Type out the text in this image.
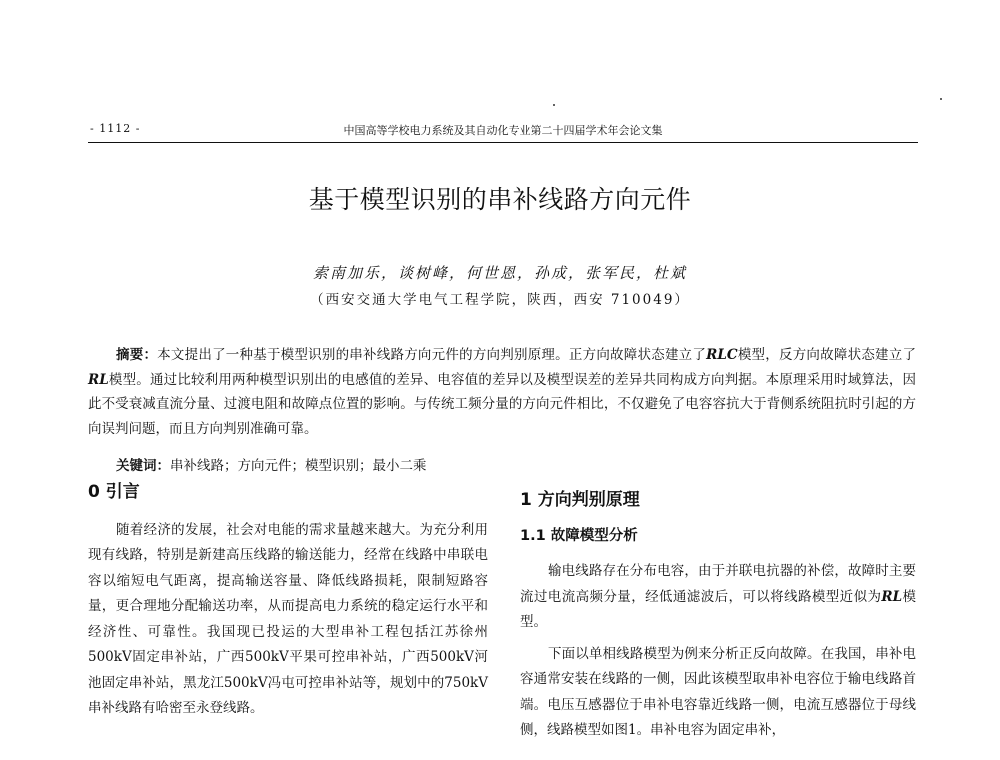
- 1112 -	中国高等学校电力系统及其自动化专业第二十四届学术年会论文集
基于模型识别的串补线路方向元件
索南加乐，谈树峰，何世恩，孙成，张军民，杜斌
（西安交通大学电气工程学院，陕西，西安 710049）

摘要：本文提出了一种基于模型识别的串补线路方向元件的方向判别原理。正方向故障状态建立了RLC模型，反方向故障状态建立了RL模型。通过比较利用两种模型识别出的电感值的差异、电容值的差异以及模型误差的差异共同构成方向判据。本原理采用时域算法，因此不受衰减直流分量、过渡电阻和故障点位置的影响。与传统工频分量的方向元件相比，不仅避免了电容容抗大于背侧系统阻抗时引起的方向误判问题，而且方向判别准确可靠。

关键词：串补线路；方向元件；模型识别；最小二乘
0 引言

随着经济的发展，社会对电能的需求量越来越大。为充分利用现有线路，特别是新建高压线路的输送能力，经常在线路中串联电容以缩短电气距离，提高输送容量、降低线路损耗，限制短路容量，更合理地分配输送功率，从而提高电力系统的稳定运行水平和经济性、可靠性。我国现已投运的大型串补工程包括江苏徐州500kV固定串补站，广西500kV平果可控串补站，广西500kV河池固定串补站，黑龙江500kV冯屯可控串补站等，规划中的750kV串补线路有哈密至永登线路。

1 方向判别原理
1.1 故障模型分析

输电线路存在分布电容，由于并联电抗器的补偿，故障时主要流过电流高频分量，经低通滤波后，可以将线路模型近似为RL模型。

下面以单相线路模型为例来分析正反向故障。在我国，串补电容通常安装在线路的一侧，因此该模型取串补电容位于输电线路首端。电压互感器位于串补电容靠近线路一侧，电流互感器位于母线侧，线路模型如图1。串补电容为固定串补，
